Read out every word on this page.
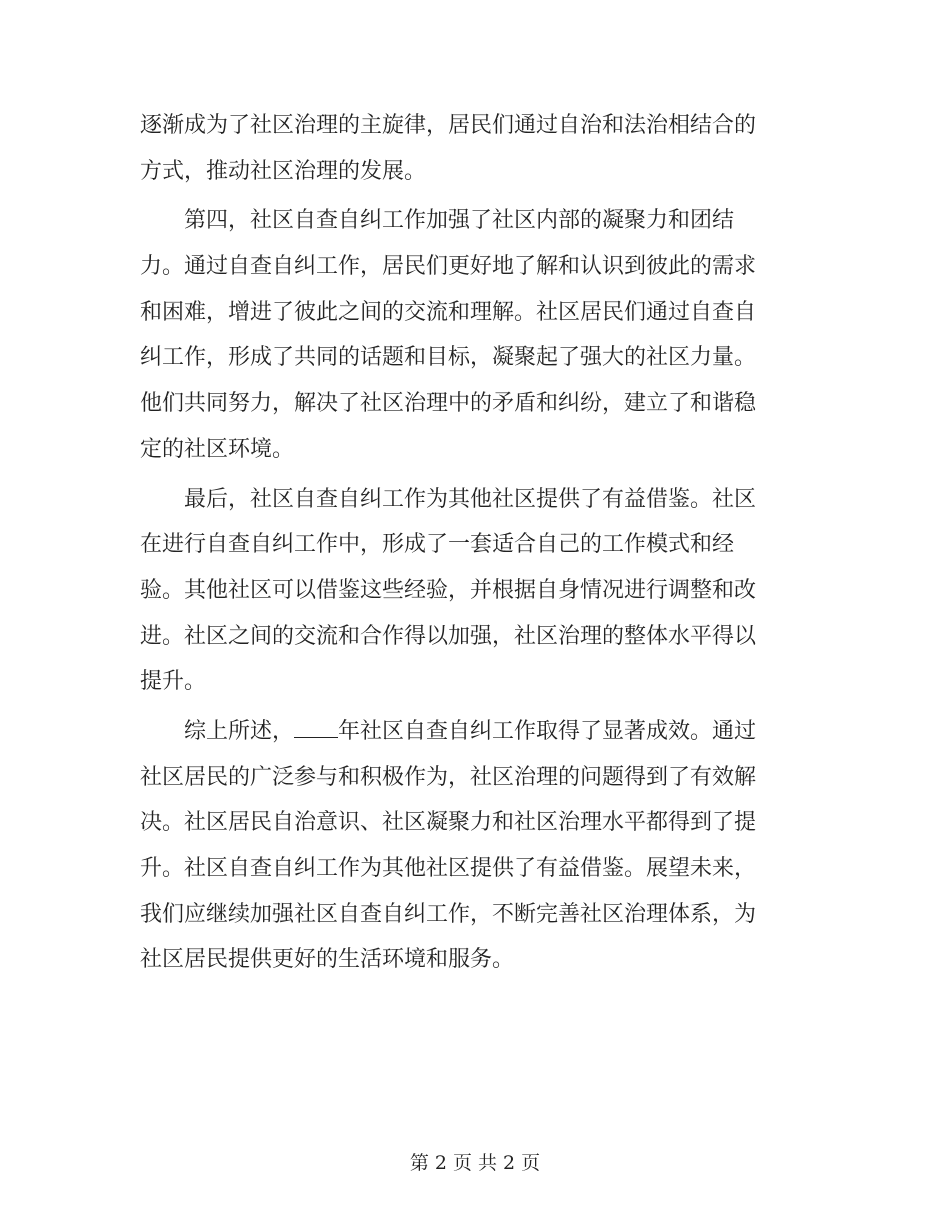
逐渐成为了社区治理的主旋律，居民们通过自治和法治相结合的
方式，推动社区治理的发展。
　　第四，社区自查自纠工作加强了社区内部的凝聚力和团结
力。通过自查自纠工作，居民们更好地了解和认识到彼此的需求
和困难，增进了彼此之间的交流和理解。社区居民们通过自查自
纠工作，形成了共同的话题和目标，凝聚起了强大的社区力量。
他们共同努力，解决了社区治理中的矛盾和纠纷，建立了和谐稳
定的社区环境。
　　最后，社区自查自纠工作为其他社区提供了有益借鉴。社区
在进行自查自纠工作中，形成了一套适合自己的工作模式和经
验。其他社区可以借鉴这些经验，并根据自身情况进行调整和改
进。社区之间的交流和合作得以加强，社区治理的整体水平得以
提升。
　　综上所述， 年社区自查自纠工作取得了显著成效。通过
社区居民的广泛参与和积极作为，社区治理的问题得到了有效解
决。社区居民自治意识、社区凝聚力和社区治理水平都得到了提
升。社区自查自纠工作为其他社区提供了有益借鉴。展望未来，
我们应继续加强社区自查自纠工作，不断完善社区治理体系，为
社区居民提供更好的生活环境和服务。
第 2 页 共 2 页
